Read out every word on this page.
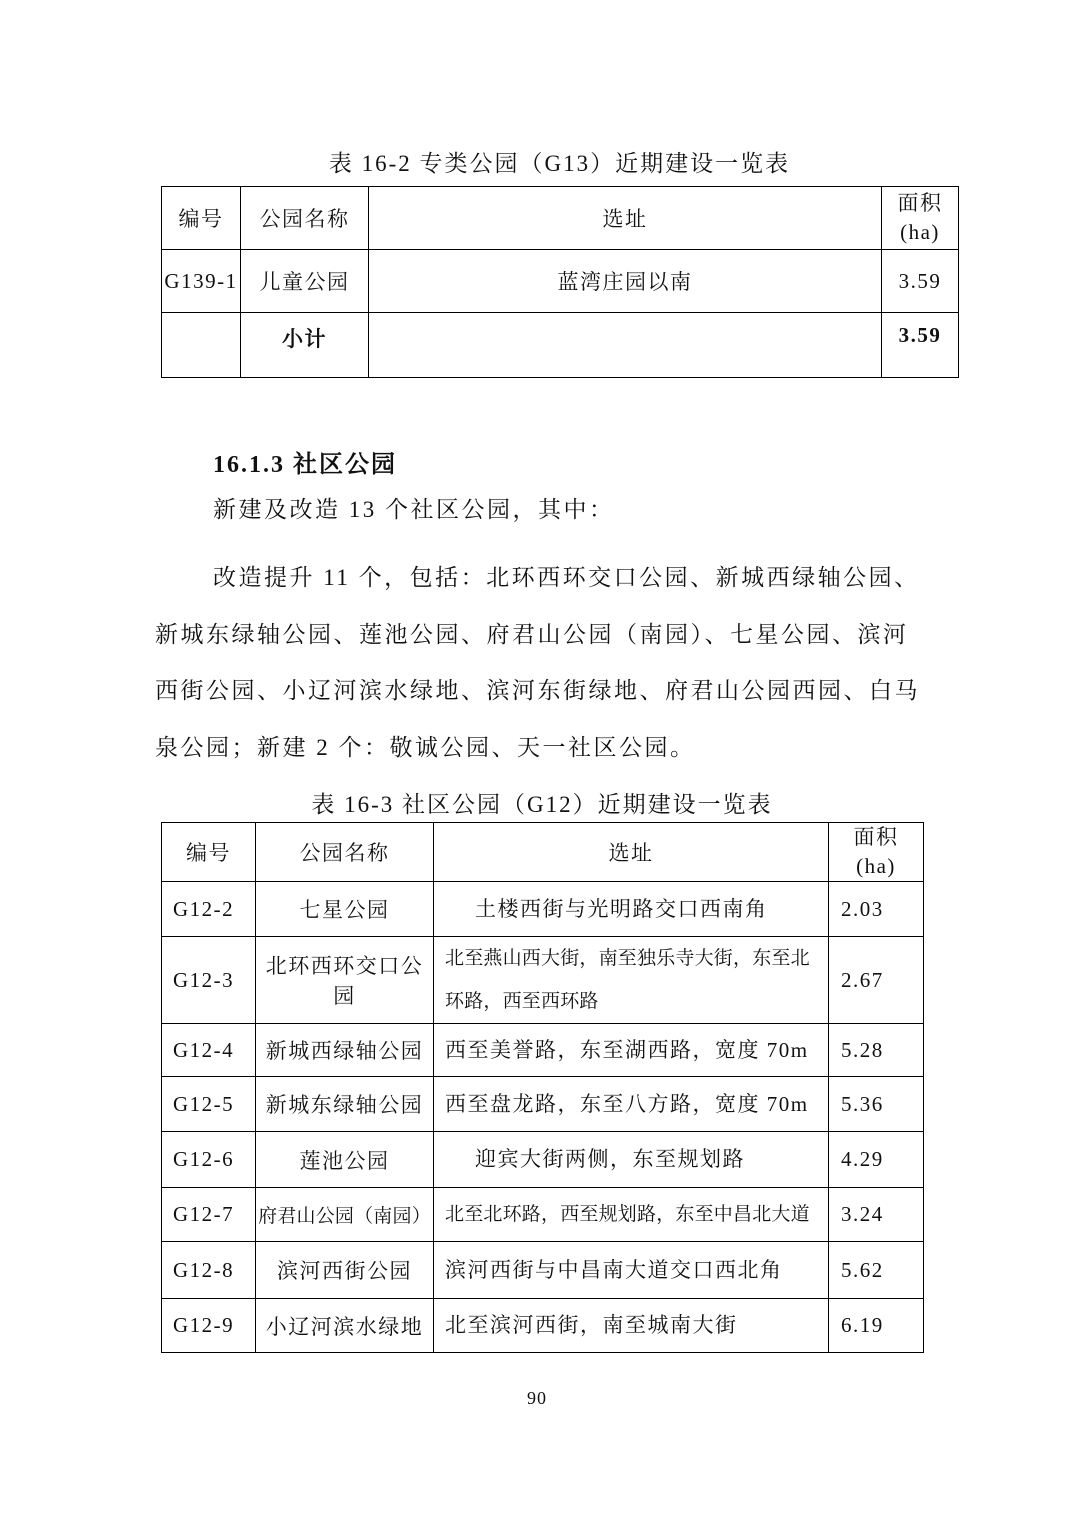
表 16-2 专类公园（G13）近期建设一览表
编号	公园名称	选址	面积
(ha)

G139-1	儿童公园	蓝湾庄园以南	3.59
	小计		3.59
16.1.3 社区公园
新建及改造 13 个社区公园，其中：
改造提升 11 个，包括：北环西环交口公园、新城西绿轴公园、
新城东绿轴公园、莲池公园、府君山公园（南园）、七星公园、滨河
西街公园、小辽河滨水绿地、滨河东街绿地、府君山公园西园、白马
泉公园；新建 2 个：敬诚公园、天一社区公园。
表 16-3 社区公园（G12）近期建设一览表
编号	公园名称	选址	面积
(ha)

G12-2	七星公园	土楼西街与光明路交口西南角	2.03
G12-3	北环西环交口公园	北至燕山西大街，南至独乐寺大街，东至北环路，西至西环路	2.67
G12-4	新城西绿轴公园	西至美誉路，东至湖西路，宽度 70m	5.28
G12-5	新城东绿轴公园	西至盘龙路，东至八方路，宽度 70m	5.36
G12-6	莲池公园	迎宾大街两侧，东至规划路	4.29
G12-7	府君山公园（南园）	北至北环路，西至规划路，东至中昌北大道	3.24
G12-8	滨河西街公园	滨河西街与中昌南大道交口西北角	5.62
G12-9	小辽河滨水绿地	北至滨河西街，南至城南大街	6.19
90
